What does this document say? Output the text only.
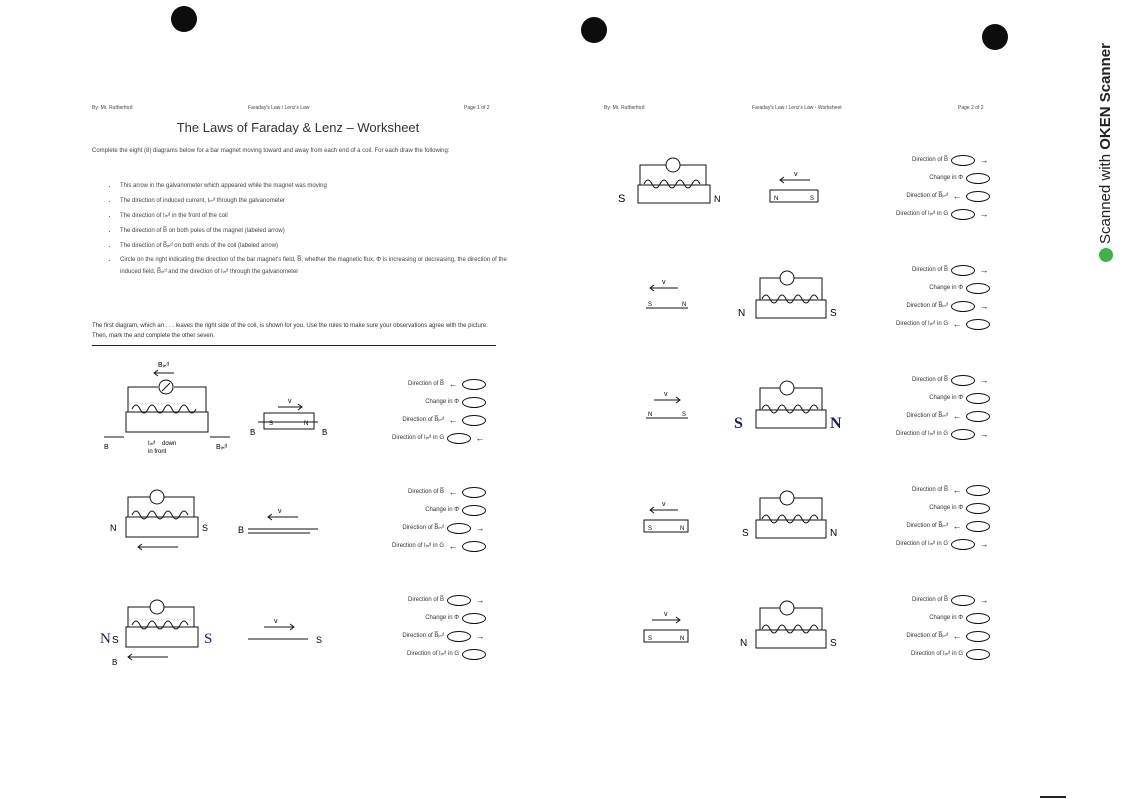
By: Mr. Rutherford	Faraday's Law / Lenz's Law	Page 1 of 2
The Laws of Faraday & Lenz – Worksheet
Complete the eight (8) diagrams below for a bar magnet moving toward and away from each end of a coil. For each draw the following:
• This arrow in the galvanometer which appeared while the magnet was moving
• The direction of induced current, Iᵢₙᵈ through the galvanometer
• The direction of Iᵢₙᵈ in the front of the coil
• The direction of B̅ on both poles of the magnet (labeled arrow)
• The direction of B̅ᵢₙᵈ on both ends of the coil (labeled arrow)
• Circle on the right indicating the direction of the bar magnet's field, B̅, whether the magnetic flux, Φ is increasing or decreasing, the direction of the induced field, B̅ᵢₙᵈ and the direction of Iᵢₙᵈ through the galvanometer
The first diagram, which an . . . leaves the right side of the coil, is shown for you. Use the rules to make sure your observations agree with the picture. Then, mark the and complete the other seven.
Bᵢₙᵈ
B	Bᵢₙᵈ
Iᵢₙᵈ down
in front
B
S	N
B
v
Direction of B̅ ←
Change in Φ
Direction of B̅ᵢₙᵈ ←
Direction of Iᵢₙᵈ in G	←
N	S	B
v
Direction of B̅ ←
Change in Φ
Direction of B̅ᵢₙᵈ	→
Direction of Iᵢₙᵈ in G ←
N S	S
B
S
v
Direction of B̅	→
Change in Φ
Direction of B̅ᵢₙᵈ	→
Direction of Iᵢₙᵈ in G
By: Mr. Rutherford	Faraday's Law / Lenz's Law - Worksheet	Page 2 of 2
S	N	N	S
v
Direction of B̅	→
Change in Φ
Direction of B̅ᵢₙᵈ ←
Direction of Iᵢₙᵈ in G	→
S	N
N	S
v
Direction of B̅	→
Change in Φ
Direction of B̅ᵢₙᵈ	→
Direction of Iᵢₙᵈ in G ←
N	S	S	N
v
Direction of B̅	→
Change in Φ
Direction of B̅ᵢₙᵈ ←
Direction of Iᵢₙᵈ in G	→
S	N	S	N
v
Direction of B̅ ←
Change in Φ
Direction of B̅ᵢₙᵈ ←
Direction of Iᵢₙᵈ in G	→
S	N	N	S
v
Direction of B̅	→
Change in Φ
Direction of B̅ᵢₙᵈ ←
Direction of Iᵢₙᵈ in G
Scanned with OKEN Scanner
